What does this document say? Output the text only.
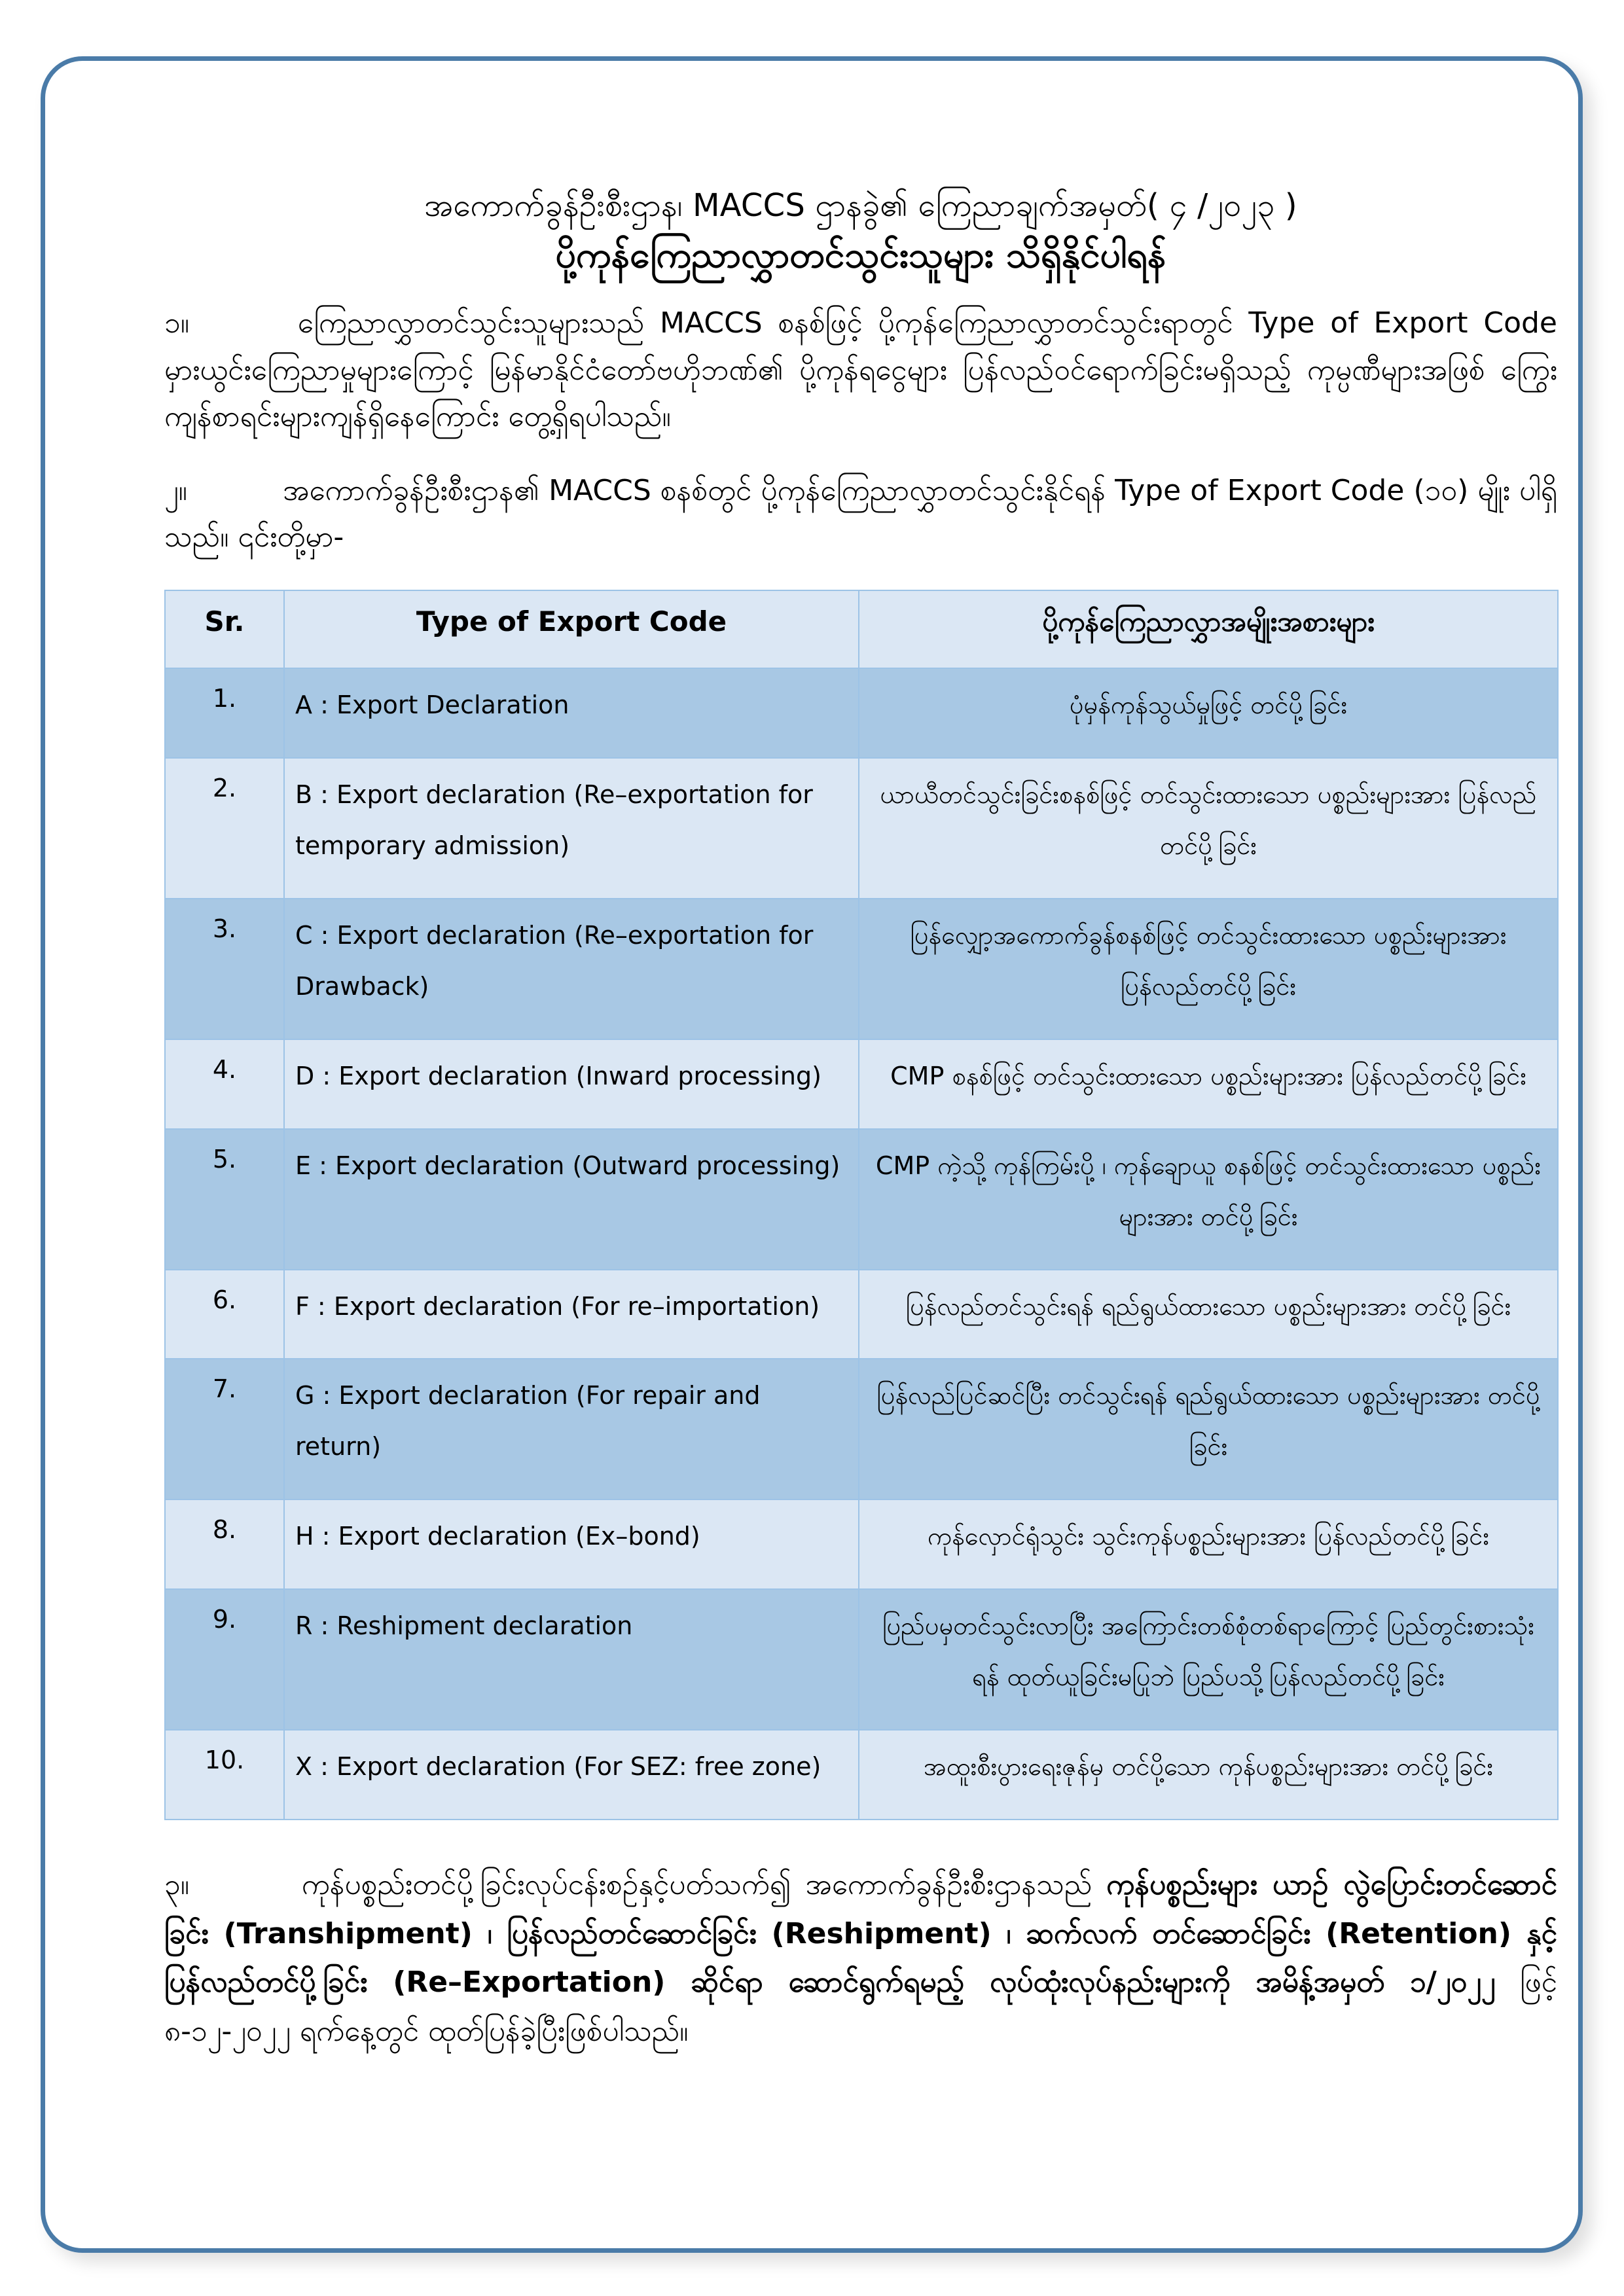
အကောက်ခွန်ဦးစီးဌာန၊ MACCS ဌာနခွဲ၏ ကြေညာချက်အမှတ်( ၄ /၂၀၂၃ )
ပို့ကုန်ကြေညာလွှာတင်သွင်းသူများ သိရှိနိုင်ပါရန်
၁။	ကြေညာလွှာတင်သွင်းသူများသည် MACCS စနစ်ဖြင့် ပို့ကုန်ကြေညာလွှာတင်သွင်းရာတွင် Type of Export Code မှားယွင်းကြေညာမှုများကြောင့် မြန်မာနိုင်ငံတော်ဗဟိုဘဏ်၏ ပို့ကုန်ရငွေများ ပြန်လည်ဝင်ရောက်ခြင်းမရှိသည့် ကုမ္ပဏီများအဖြစ် ကြွေးကျန်စာရင်းများကျန်ရှိနေကြောင်း တွေ့ရှိရပါသည်။
၂။	အကောက်ခွန်ဦးစီးဌာန၏ MACCS စနစ်တွင် ပို့ကုန်ကြေညာလွှာတင်သွင်းနိုင်ရန် Type of Export Code (၁၀) မျိုး ပါရှိသည်။ ၎င်းတို့မှာ-
Sr.	Type of Export Code	ပို့ကုန်ကြေညာလွှာအမျိုးအစားများ
1.	A : Export Declaration	ပုံမှန်ကုန်သွယ်မှုဖြင့် တင်ပို့ခြင်း
2.	B : Export declaration (Re–exportation for temporary admission)	ယာယီတင်သွင်းခြင်းစနစ်ဖြင့် တင်သွင်းထားသော ပစ္စည်းများအား ပြန်လည်တင်ပို့ခြင်း
3.	C : Export declaration (Re–exportation for Drawback)	ပြန်လျှော့အကောက်ခွန်စနစ်ဖြင့် တင်သွင်းထားသော ပစ္စည်းများအား ပြန်လည်တင်ပို့ခြင်း
4.	D : Export declaration (Inward processing)	CMP စနစ်ဖြင့် တင်သွင်းထားသော ပစ္စည်းများအား ပြန်လည်တင်ပို့ခြင်း
5.	E : Export declaration (Outward processing)	CMP ကဲ့သို့ ကုန်ကြမ်းပို့ ၊ ကုန်ချောယူ စနစ်ဖြင့် တင်သွင်းထားသော ပစ္စည်းများအား တင်ပို့ခြင်း
6.	F : Export declaration (For re–importation)	ပြန်လည်တင်သွင်းရန် ရည်ရွယ်ထားသော ပစ္စည်းများအား တင်ပို့ခြင်း
7.	G : Export declaration (For repair and return)	ပြန်လည်ပြင်ဆင်ပြီး တင်သွင်းရန် ရည်ရွယ်ထားသော ပစ္စည်းများအား တင်ပို့ခြင်း
8.	H : Export declaration (Ex–bond)	ကုန်လှောင်ရုံသွင်း သွင်းကုန်ပစ္စည်းများအား ပြန်လည်တင်ပို့ခြင်း
9.	R : Reshipment declaration	ပြည်ပမှတင်သွင်းလာပြီး အကြောင်းတစ်စုံတစ်ရာကြောင့် ပြည်တွင်းစားသုံးရန် ထုတ်ယူခြင်းမပြုဘဲ ပြည်ပသို့ပြန်လည်တင်ပို့ခြင်း
10.	X : Export declaration (For SEZ: free zone)	အထူးစီးပွားရေးဇုန်မှ တင်ပို့သော ကုန်ပစ္စည်းများအား တင်ပို့ခြင်း
၃။	ကုန်ပစ္စည်းတင်ပို့ခြင်းလုပ်ငန်းစဉ်နှင့်ပတ်သက်၍ အကောက်ခွန်ဦးစီးဌာနသည် ကုန်ပစ္စည်းများ ယာဉ် လွဲပြောင်းတင်ဆောင်ခြင်း (Transhipment) ၊ ပြန်လည်တင်ဆောင်ခြင်း (Reshipment) ၊ ဆက်လက် တင်ဆောင်ခြင်း (Retention) နှင့် ပြန်လည်တင်ပို့ခြင်း (Re–Exportation) ဆိုင်ရာ ဆောင်ရွက်ရမည့် လုပ်ထုံးလုပ်နည်းများကို အမိန့်အမှတ် ၁/၂၀၂၂ ဖြင့် ၈-၁၂-၂၀၂၂ ရက်နေ့တွင် ထုတ်ပြန်ခဲ့ပြီးဖြစ်ပါသည်။
